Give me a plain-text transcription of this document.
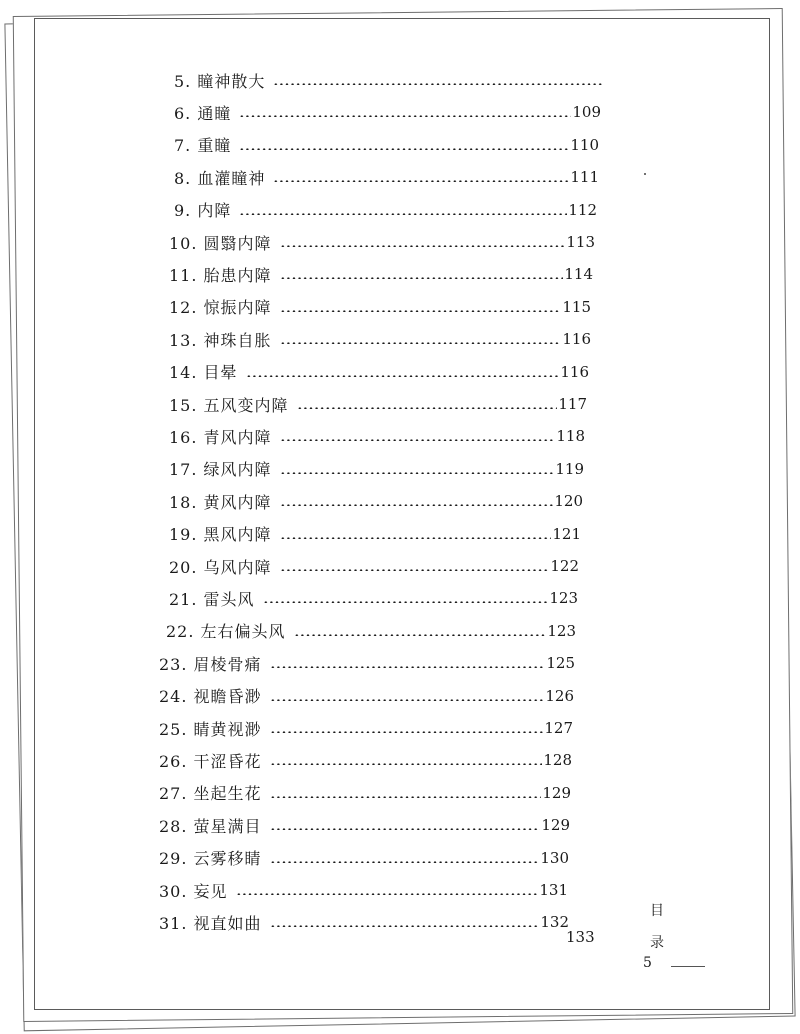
5. 瞳神散大
6. 通瞳	109
7. 重瞳	110
8. 血灌瞳神	111
9. 内障	112
10. 圆翳内障	113
11. 胎患内障	114
12. 惊振内障	115
13. 神珠自胀	116
14. 目晕	116
15. 五风变内障	117
16. 青风内障	118
17. 绿风内障	119
18. 黄风内障	120
19. 黑风内障	121
20. 乌风内障	122
21. 雷头风	123
22. 左右偏头风	123
23. 眉棱骨痛	125
24. 视瞻昏渺	126
25. 睛黄视渺	127
26. 干涩昏花	128
27. 坐起生花	129
28. 萤星满目	129
29. 云雾移睛	130
30. 妄见	131
31. 视直如曲	132
133
目
录
5
